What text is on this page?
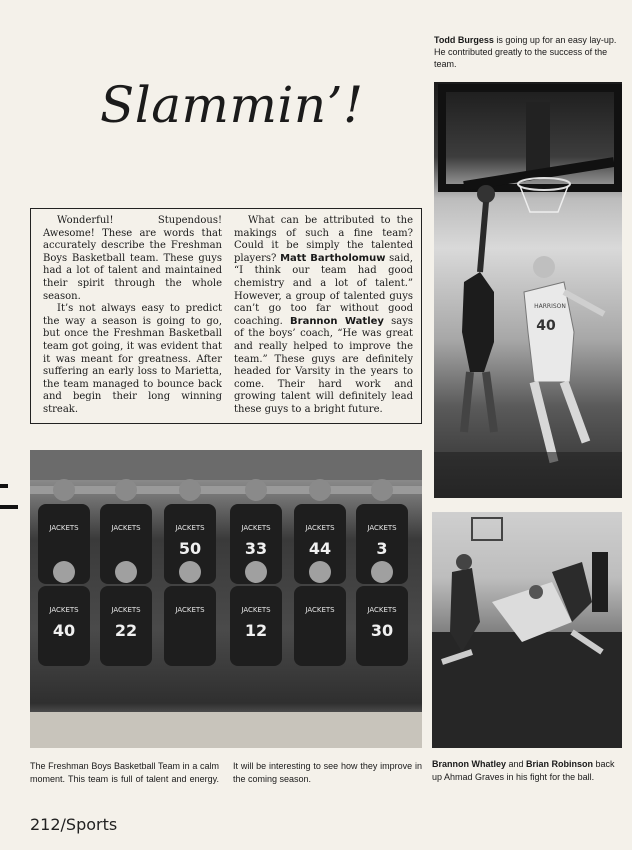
Todd Burgess is going up for an easy lay-up. He contributed greatly to the success of the team.
Slammin’!
40
HARRISON

Wonderful! Stupendous! Awesome! These are words that accurately describe the Freshman Boys Basketball team. These guys had a lot of talent and maintained their spirit through the whole season.

It’s not always easy to predict the way a season is going to go, but once the Freshman Basketball team got going, it was evident that it was meant for greatness. After suffering an early loss to Marietta, the team managed to bounce back and begin their long winning streak.

What can be attributed to the makings of such a fine team? Could it be simply the talented players? Matt Bartholomuw said, “I think our team had good chemistry and a lot of talent.” However, a group of talented guys can’t go too far without good coaching. Brannon Watley says of the boys’ coach, “He was great and really helped to improve the team.” These guys are definitely headed for Varsity in the years to come. Their hard work and growing talent will definitely lead these guys to a bright future.

JACKETS	JACKETS	JACKETS
50
JACKETS
33
JACKETS
44
JACKETS
3
JACKETS
40
JACKETS
22
JACKETS	JACKETS
12
JACKETS	JACKETS
30
The Freshman Boys Basketball Team in a calm moment. This team is full of talent and energy. It will be interesting to see how they improve in the coming season.
Brannon Whatley and Brian Robinson back up Ahmad Graves in his fight for the ball.
212/Sports
